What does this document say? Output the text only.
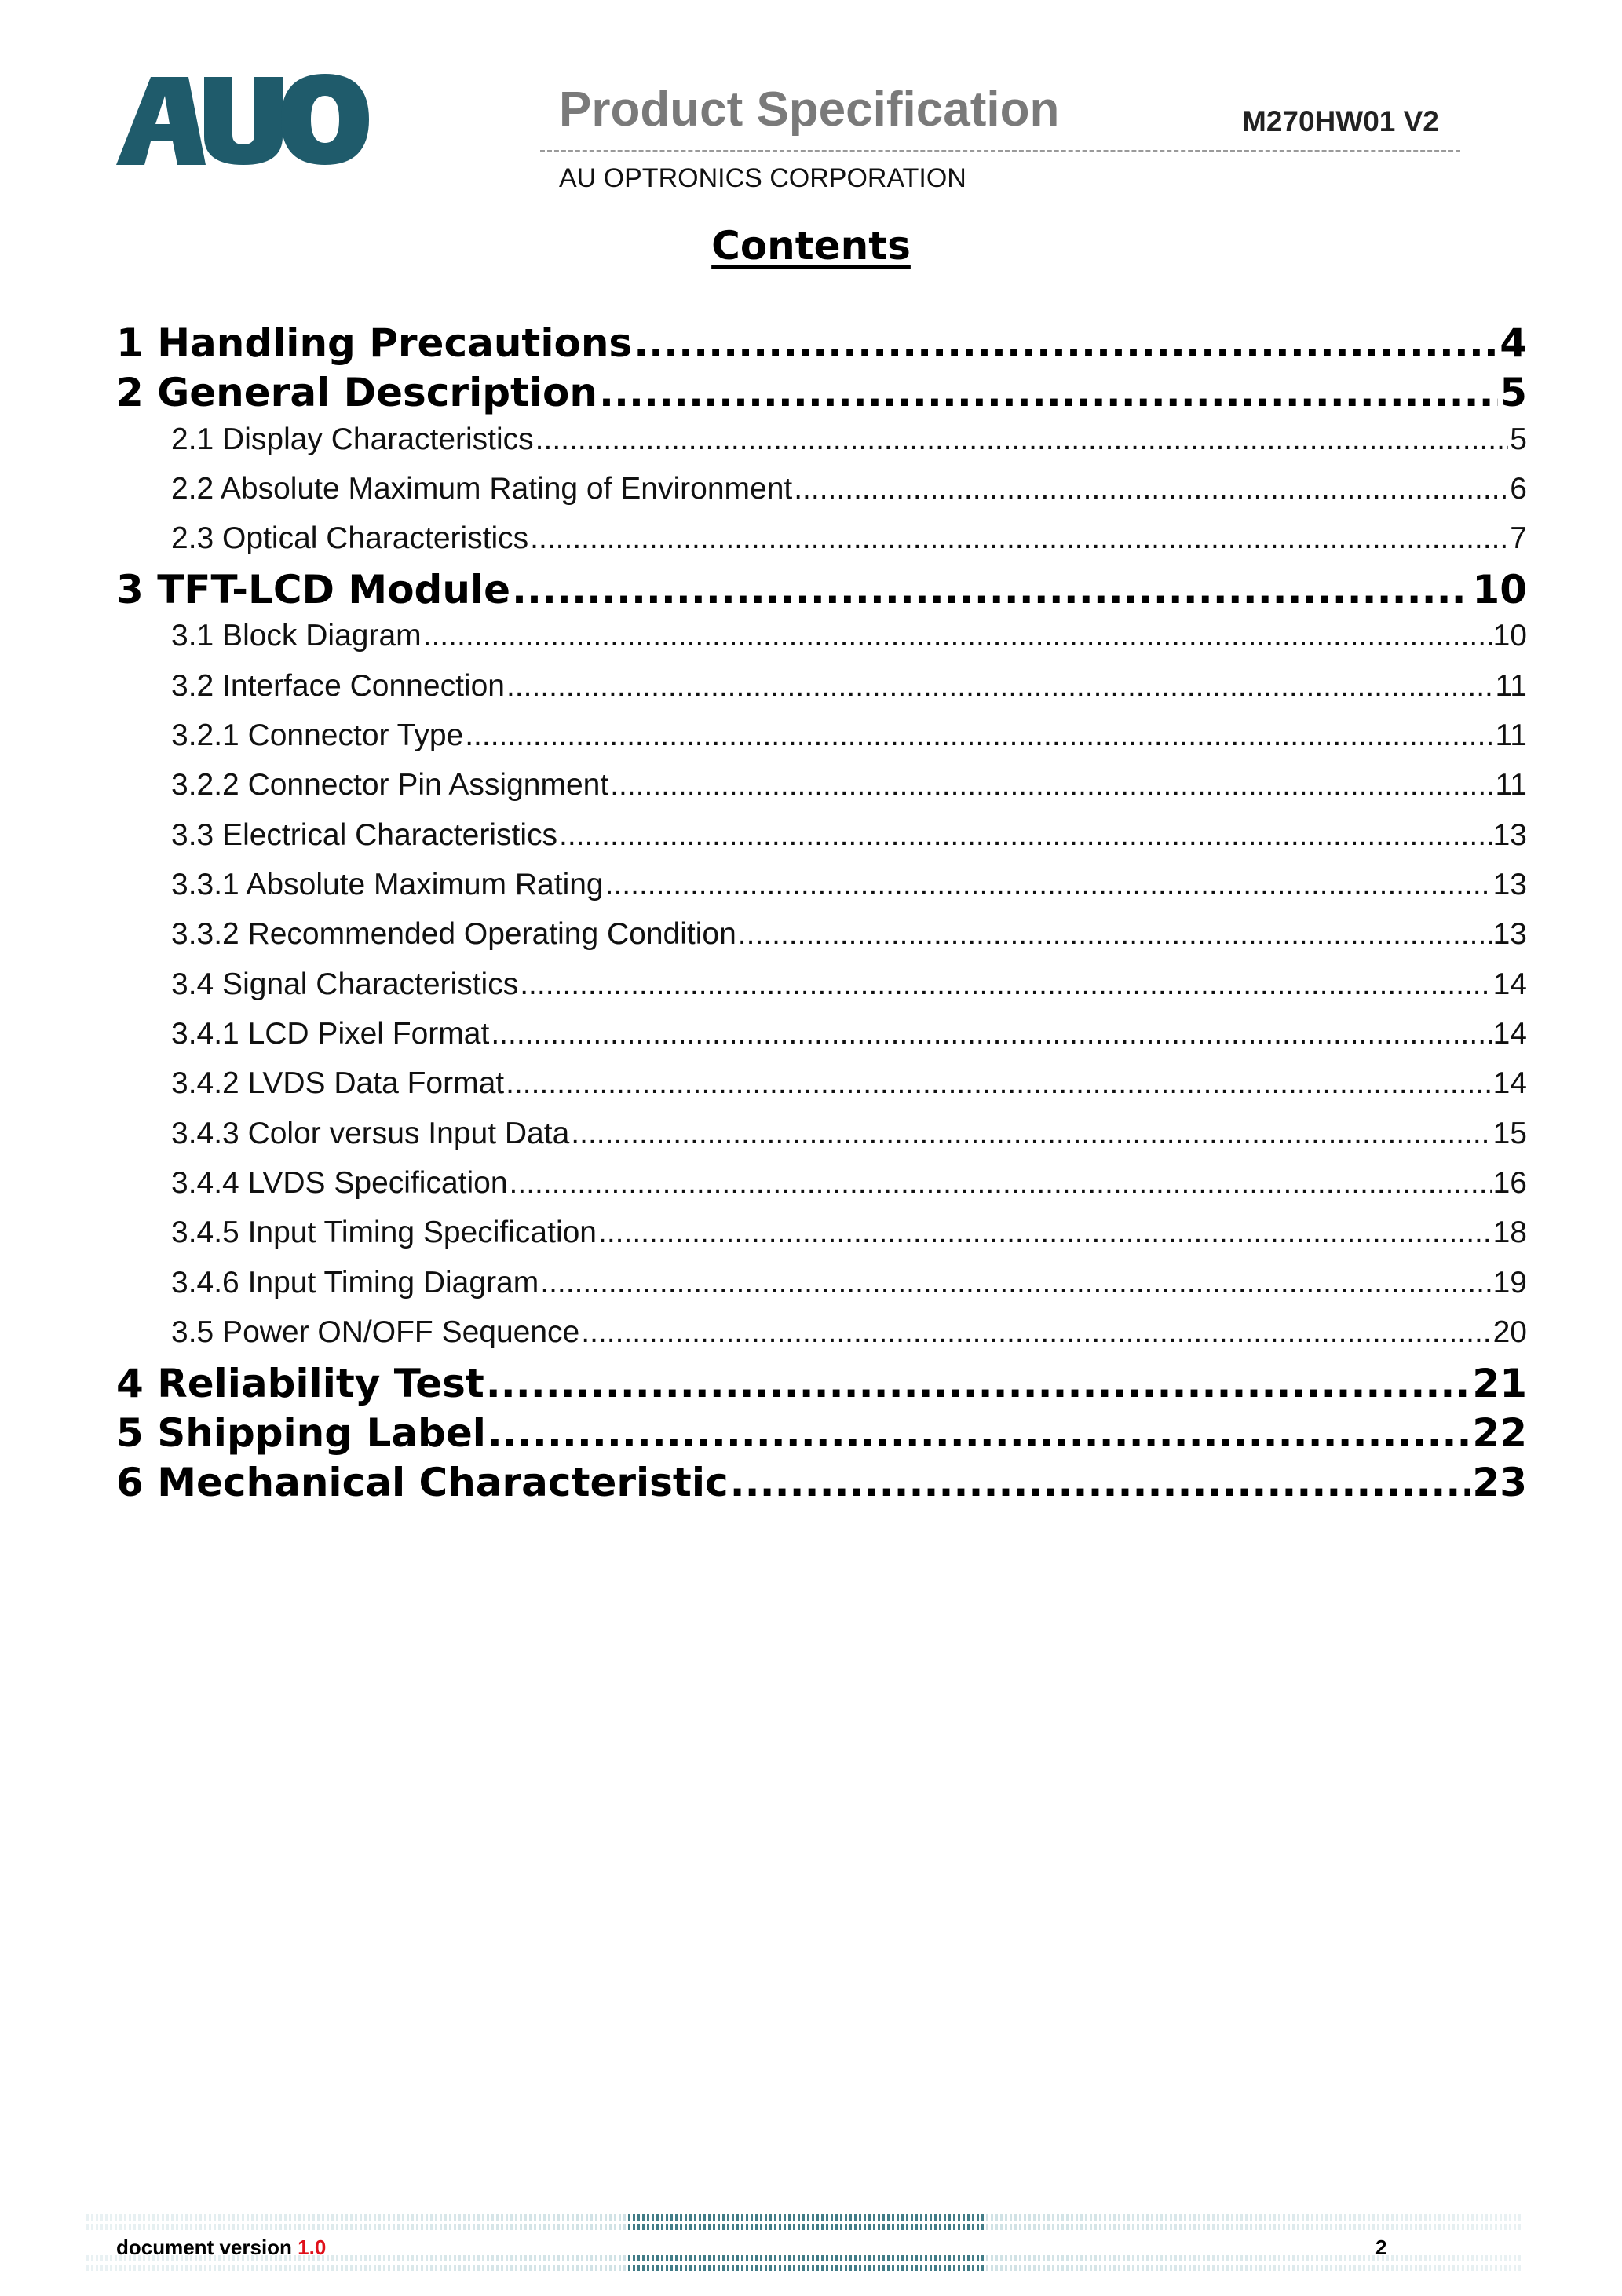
Product Specification	M270HW01 V2
AU OPTRONICS CORPORATION
Contents
1 Handling Precautions .....	4
2 General Description .....	5
2.1 Display Characteristics .....	5
2.2 Absolute Maximum Rating of Environment .....	6
2.3 Optical Characteristics .....	7
3 TFT-LCD Module .....	10
3.1 Block Diagram .....	10
3.2 Interface Connection .....	11
3.2.1 Connector Type .....	11
3.2.2 Connector Pin Assignment .....	11
3.3 Electrical Characteristics .....	13
3.3.1 Absolute Maximum Rating .....	13
3.3.2 Recommended Operating Condition .....	13
3.4 Signal Characteristics .....	14
3.4.1 LCD Pixel Format .....	14
3.4.2 LVDS Data Format .....	14
3.4.3 Color versus Input Data .....	15
3.4.4 LVDS Specification .....	16
3.4.5 Input Timing Specification .....	18
3.4.6 Input Timing Diagram .....	19
3.5 Power ON/OFF Sequence .....	20
4 Reliability Test .....	21
5 Shipping Label .....	22
6 Mechanical Characteristic .....	23
document version 1.0	2
